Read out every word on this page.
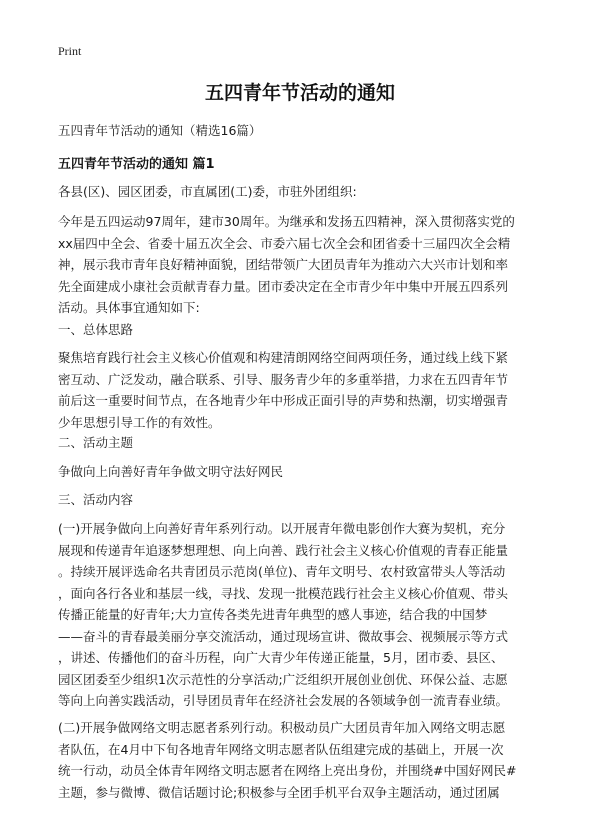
Print
五四青年节活动的通知
五四青年节活动的通知（精选16篇）
五四青年节活动的通知 篇1

各县(区)、园区团委，市直属团(工)委，市驻外团组织:

今年是五四运动97周年，建市30周年。为继承和发扬五四精神，深入贯彻落实党的
xx届四中全会、省委十届五次全会、市委六届七次全会和团省委十三届四次全会精
神，展示我市青年良好精神面貌，团结带领广大团员青年为推动六大兴市计划和率
先全面建成小康社会贡献青春力量。团市委决定在全市青少年中集中开展五四系列
活动。具体事宜通知如下:

一、总体思路

聚焦培育践行社会主义核心价值观和构建清朗网络空间两项任务，通过线上线下紧
密互动、广泛发动，融合联系、引导、服务青少年的多重举措，力求在五四青年节
前后这一重要时间节点，在各地青少年中形成正面引导的声势和热潮，切实增强青
少年思想引导工作的有效性。

二、活动主题

争做向上向善好青年争做文明守法好网民

三、活动内容

(一)开展争做向上向善好青年系列行动。以开展青年微电影创作大赛为契机，充分
展现和传递青年追逐梦想理想、向上向善、践行社会主义核心价值观的青春正能量
。持续开展评选命名共青团员示范岗(单位)、青年文明号、农村致富带头人等活动
，面向各行各业和基层一线，寻找、发现一批模范践行社会主义核心价值观、带头
传播正能量的好青年;大力宣传各类先进青年典型的感人事迹，结合我的中国梦
——奋斗的青春最美丽分享交流活动，通过现场宣讲、微故事会、视频展示等方式
，讲述、传播他们的奋斗历程，向广大青少年传递正能量，5月，团市委、县区、
园区团委至少组织1次示范性的分享活动;广泛组织开展创业创优、环保公益、志愿
等向上向善实践活动，引导团员青年在经济社会发展的各领域争创一流青春业绩。

(二)开展争做网络文明志愿者系列行动。积极动员广大团员青年加入网络文明志愿
者队伍，在4月中下旬各地青年网络文明志愿者队伍组建完成的基础上，开展一次
统一行动，动员全体青年网络文明志愿者在网络上亮出身份，并围绕#中国好网民#
主题，参与微博、微信话题讨论;积极参与全团手机平台双争主题活动，通过团属
